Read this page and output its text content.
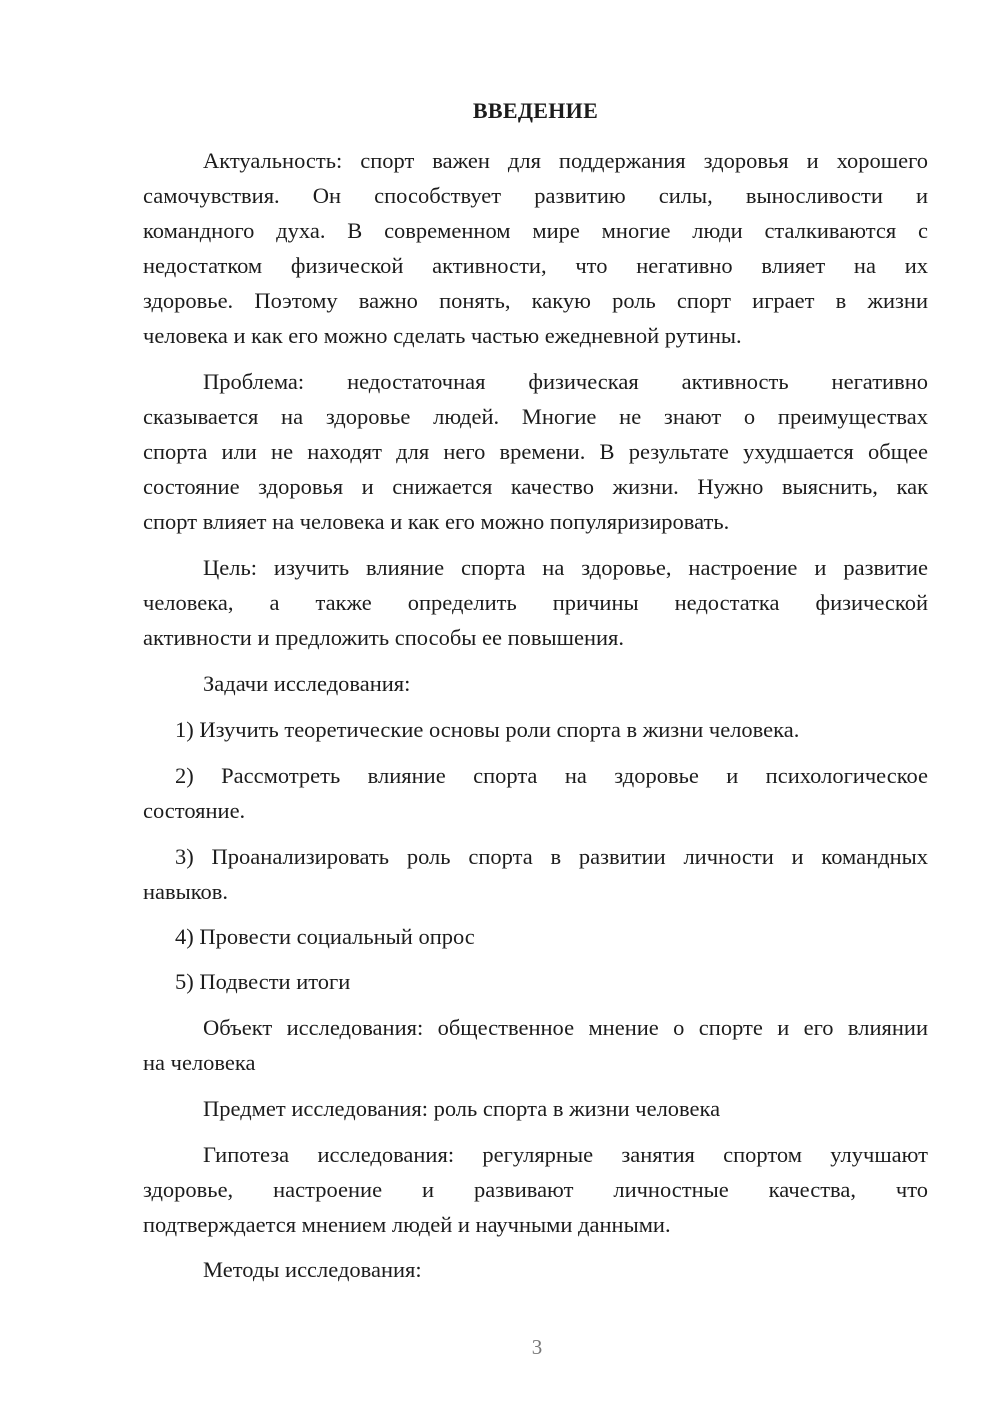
ВВЕДЕНИЕ
Актуальность: спорт важен для поддержания здоровья и хорошего
самочувствия. Он способствует развитию силы, выносливости и
командного духа. В современном мире многие люди сталкиваются с
недостатком физической активности, что негативно влияет на их
здоровье. Поэтому важно понять, какую роль спорт играет в жизни
человека и как его можно сделать частью ежедневной рутины.
Проблема: недостаточная физическая активность негативно
сказывается на здоровье людей. Многие не знают о преимуществах
спорта или не находят для него времени. В результате ухудшается общее
состояние здоровья и снижается качество жизни. Нужно выяснить, как
спорт влияет на человека и как его можно популяризировать.
Цель: изучить влияние спорта на здоровье, настроение и развитие
человека, а также определить причины недостатка физической
активности и предложить способы ее повышения.
Задачи исследования:
1) Изучить теоретические основы роли спорта в жизни человека.
2) Рассмотреть влияние спорта на здоровье и психологическое
состояние.
3) Проанализировать роль спорта в развитии личности и командных
навыков.
4) Провести социальный опрос
5) Подвести итоги
Объект исследования: общественное мнение о спорте и его влиянии
на человека
Предмет исследования: роль спорта в жизни человека
Гипотеза исследования: регулярные занятия спортом улучшают
здоровье, настроение и развивают личностные качества, что
подтверждается мнением людей и научными данными.
Методы исследования:
3
